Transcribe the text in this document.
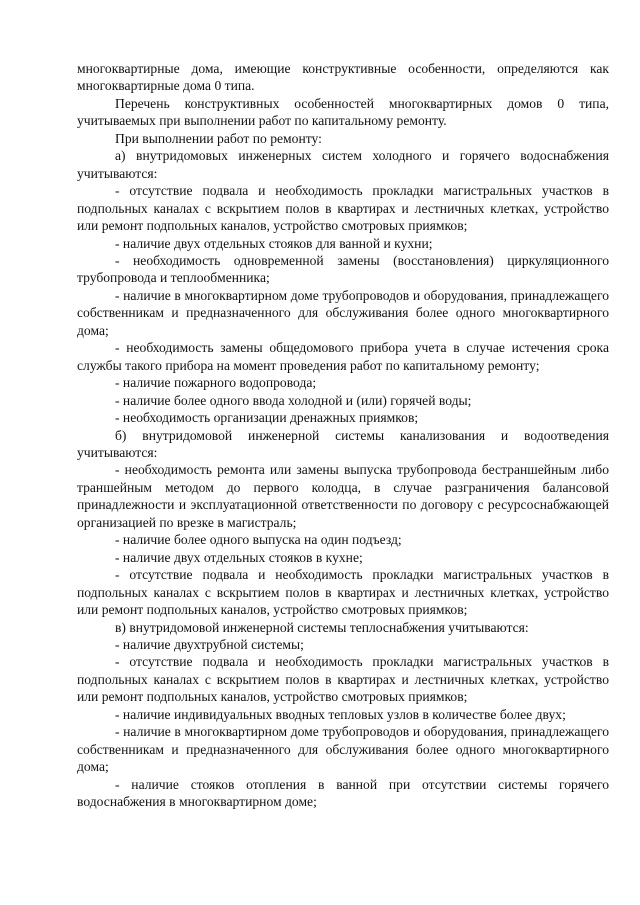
многоквартирные дома, имеющие конструктивные особенности, определяются как многоквартирные дома 0 типа.

Перечень конструктивных особенностей многоквартирных домов 0 типа, учитываемых при выполнении работ по капитальному ремонту.

При выполнении работ по ремонту:

а) внутридомовых инженерных систем холодного и горячего водоснабжения учитываются:

- отсутствие подвала и необходимость прокладки магистральных участков в подпольных каналах с вскрытием полов в квартирах и лестничных клетках, устройство или ремонт подпольных каналов, устройство смотровых приямков;

- наличие двух отдельных стояков для ванной и кухни;

- необходимость одновременной замены (восстановления) циркуляционного трубопровода и теплообменника;

- наличие в многоквартирном доме трубопроводов и оборудования, принадлежащего собственникам и предназначенного для обслуживания более одного многоквартирного дома;

- необходимость замены общедомового прибора учета в случае истечения срока службы такого прибора на момент проведения работ по капитальному ремонту;

- наличие пожарного водопровода;

- наличие более одного ввода холодной и (или) горячей воды;

- необходимость организации дренажных приямков;

б) внутридомовой инженерной системы канализования и водоотведения учитываются:

- необходимость ремонта или замены выпуска трубопровода бестраншейным либо траншейным методом до первого колодца, в случае разграничения балансовой принадлежности и эксплуатационной ответственности по договору с ресурсоснабжающей организацией по врезке в магистраль;

- наличие более одного выпуска на один подъезд;

- наличие двух отдельных стояков в кухне;

- отсутствие подвала и необходимость прокладки магистральных участков в подпольных каналах с вскрытием полов в квартирах и лестничных клетках, устройство или ремонт подпольных каналов, устройство смотровых приямков;

в) внутридомовой инженерной системы теплоснабжения учитываются:

- наличие двухтрубной системы;

- отсутствие подвала и необходимость прокладки магистральных участков в подпольных каналах с вскрытием полов в квартирах и лестничных клетках, устройство или ремонт подпольных каналов, устройство смотровых приямков;

- наличие индивидуальных вводных тепловых узлов в количестве более двух;

- наличие в многоквартирном доме трубопроводов и оборудования, принадлежащего собственникам и предназначенного для обслуживания более одного многоквартирного дома;

- наличие стояков отопления в ванной при отсутствии системы горячего водоснабжения в многоквартирном доме;
